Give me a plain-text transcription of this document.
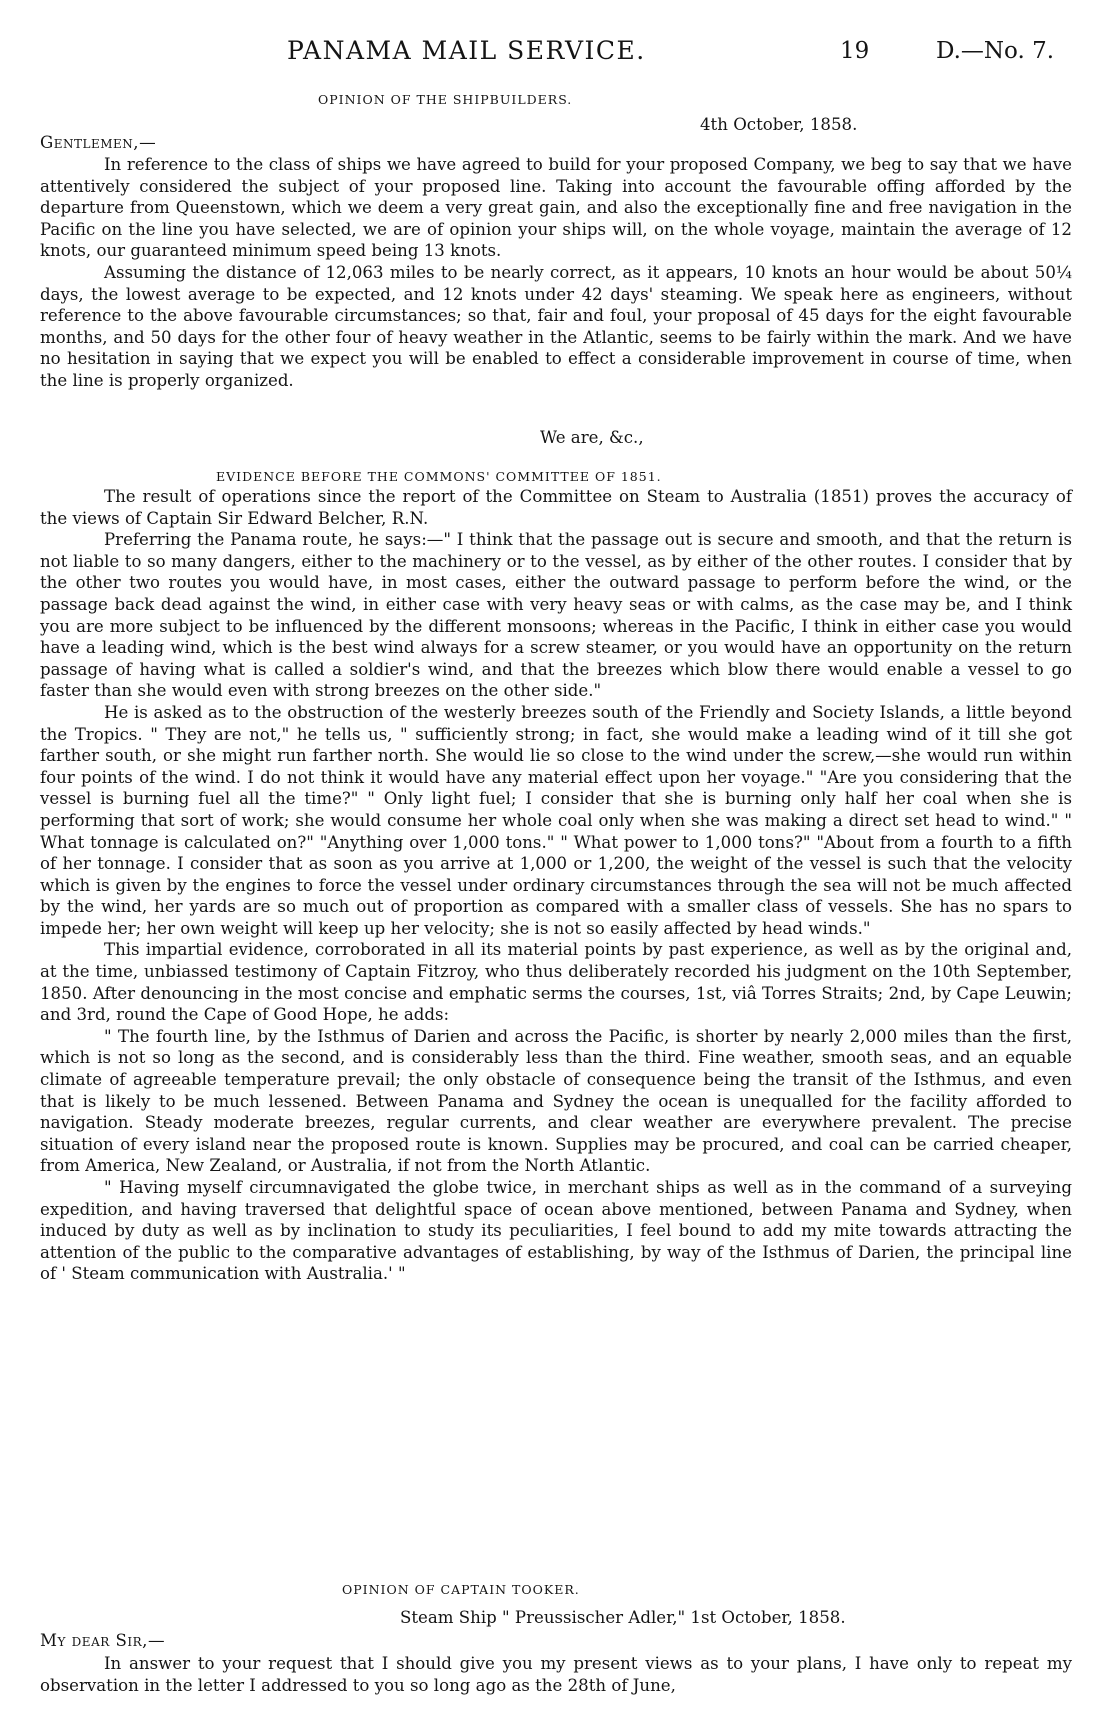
PANAMA MAIL SERVICE.	19	D.—No. 7.
OPINION OF THE SHIPBUILDERS.
4th October, 1858.
Gentlemen,—

In reference to the class of ships we have agreed to build for your proposed Company, we beg to say that we have attentively considered the subject of your proposed line. Taking into account the favourable offing afforded by the departure from Queenstown, which we deem a very great gain, and also the exceptionally fine and free navigation in the Pacific on the line you have selected, we are of opinion your ships will, on the whole voyage, maintain the average of 12 knots, our guaranteed minimum speed being 13 knots.

Assuming the distance of 12,063 miles to be nearly correct, as it appears, 10 knots an hour would be about 50¼ days, the lowest average to be expected, and 12 knots under 42 days' steaming. We speak here as engineers, without reference to the above favourable circumstances; so that, fair and foul, your proposal of 45 days for the eight favourable months, and 50 days for the other four of heavy weather in the Atlantic, seems to be fairly within the mark. And we have no hesitation in saying that we expect you will be enabled to effect a considerable improvement in course of time, when the line is properly organized.

We are, &c.,
EVIDENCE BEFORE THE COMMONS' COMMITTEE OF 1851.

The result of operations since the report of the Committee on Steam to Australia (1851) proves the accuracy of the views of Captain Sir Edward Belcher, R.N.

Preferring the Panama route, he says:—" I think that the passage out is secure and smooth, and that the return is not liable to so many dangers, either to the machinery or to the vessel, as by either of the other routes. I consider that by the other two routes you would have, in most cases, either the outward passage to perform before the wind, or the passage back dead against the wind, in either case with very heavy seas or with calms, as the case may be, and I think you are more subject to be influenced by the different monsoons; whereas in the Pacific, I think in either case you would have a leading wind, which is the best wind always for a screw steamer, or you would have an opportunity on the return passage of having what is called a soldier's wind, and that the breezes which blow there would enable a vessel to go faster than she would even with strong breezes on the other side."

He is asked as to the obstruction of the westerly breezes south of the Friendly and Society Islands, a little beyond the Tropics. " They are not," he tells us, " sufficiently strong; in fact, she would make a leading wind of it till she got farther south, or she might run farther north. She would lie so close to the wind under the screw,—she would run within four points of the wind. I do not think it would have any material effect upon her voyage." "Are you considering that the vessel is burning fuel all the time?" " Only light fuel; I consider that she is burning only half her coal when she is performing that sort of work; she would consume her whole coal only when she was making a direct set head to wind." " What tonnage is calculated on?" "Anything over 1,000 tons." " What power to 1,000 tons?" "About from a fourth to a fifth of her tonnage. I consider that as soon as you arrive at 1,000 or 1,200, the weight of the vessel is such that the velocity which is given by the engines to force the vessel under ordinary circumstances through the sea will not be much affected by the wind, her yards are so much out of proportion as compared with a smaller class of vessels. She has no spars to impede her; her own weight will keep up her velocity; she is not so easily affected by head winds."

This impartial evidence, corroborated in all its material points by past experience, as well as by the original and, at the time, unbiassed testimony of Captain Fitzroy, who thus deliberately recorded his judgment on the 10th September, 1850. After denouncing in the most concise and emphatic serms the courses, 1st, viâ Torres Straits; 2nd, by Cape Leuwin; and 3rd, round the Cape of Good Hope, he adds:

" The fourth line, by the Isthmus of Darien and across the Pacific, is shorter by nearly 2,000 miles than the first, which is not so long as the second, and is considerably less than the third. Fine weather, smooth seas, and an equable climate of agreeable temperature prevail; the only obstacle of consequence being the transit of the Isthmus, and even that is likely to be much lessened. Between Panama and Sydney the ocean is unequalled for the facility afforded to navigation. Steady moderate breezes, regular currents, and clear weather are everywhere prevalent. The precise situation of every island near the proposed route is known. Supplies may be procured, and coal can be carried cheaper, from America, New Zealand, or Australia, if not from the North Atlantic.

" Having myself circumnavigated the globe twice, in merchant ships as well as in the command of a surveying expedition, and having traversed that delightful space of ocean above mentioned, between Panama and Sydney, when induced by duty as well as by inclination to study its peculiarities, I feel bound to add my mite towards attracting the attention of the public to the comparative advantages of establishing, by way of the Isthmus of Darien, the principal line of ' Steam communication with Australia.' "

OPINION OF CAPTAIN TOOKER.
Steam Ship " Preussischer Adler," 1st October, 1858.
My dear Sir,—

In answer to your request that I should give you my present views as to your plans, I have only to repeat my observation in the letter I addressed to you so long ago as the 28th of June,
